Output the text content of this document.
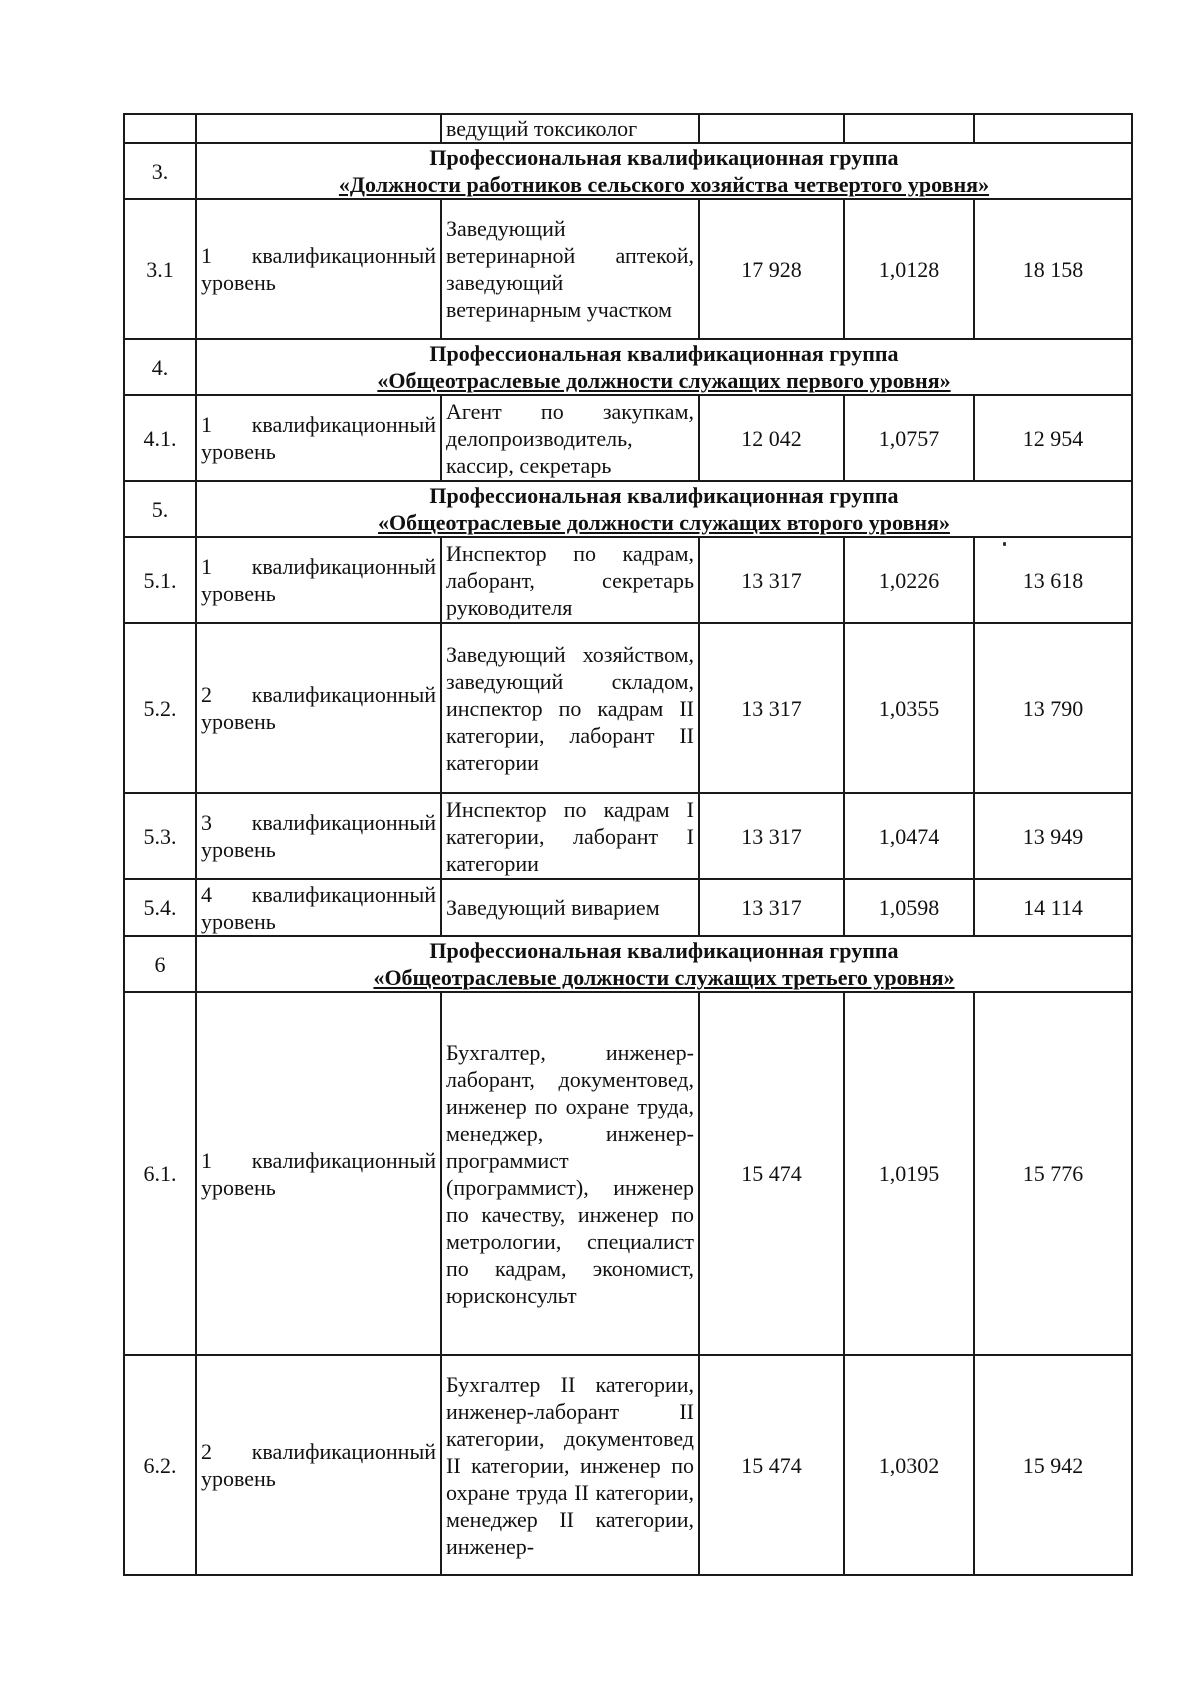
		ведущий токсиколог			
3.	Профессиональная квалификационная группа
«Должности работников сельского хозяйства четвертого уровня»				

3.1	1 квалификационный уровень	Заведующий ветеринарной аптекой, заведующий ветеринарным участком	17 928	1,0128	18 158
4.	Профессиональная квалификационная группа
«Общеотраслевые должности служащих первого уровня»				

4.1.	1 квалификационный уровень	Агент по закупкам, делопроизводитель, кассир, секретарь	12 042	1,0757	12 954
5.	Профессиональная квалификационная группа
«Общеотраслевые должности служащих второго уровня»				

5.1.	1 квалификационный уровень	Инспектор по кадрам, лаборант, секретарь руководителя	13 317	1,0226	13 618
5.2.	2 квалификационный уровень	Заведующий хозяйством, заведующий складом, инспектор по кадрам II категории, лаборант II категории	13 317	1,0355	13 790
5.3.	3 квалификационный уровень	Инспектор по кадрам I категории, лаборант I категории	13 317	1,0474	13 949
5.4.	4 квалификационный уровень	Заведующий виварием	13 317	1,0598	14 114
6	Профессиональная квалификационная группа
«Общеотраслевые должности служащих третьего уровня»				

6.1.	1 квалификационный уровень	Бухгалтер, инженер-лаборант, документовед, инженер по охране труда, менеджер, инженер-программист (программист), инженер по качеству, инженер по метрологии, специалист по кадрам, экономист, юрисконсульт	15 474	1,0195	15 776
6.2.	2 квалификационный уровень	Бухгалтер II категории, инженер-лаборант II категории, документовед II категории, инженер по охране труда II категории, менеджер II категории, инженер-	15 474	1,0302	15 942
